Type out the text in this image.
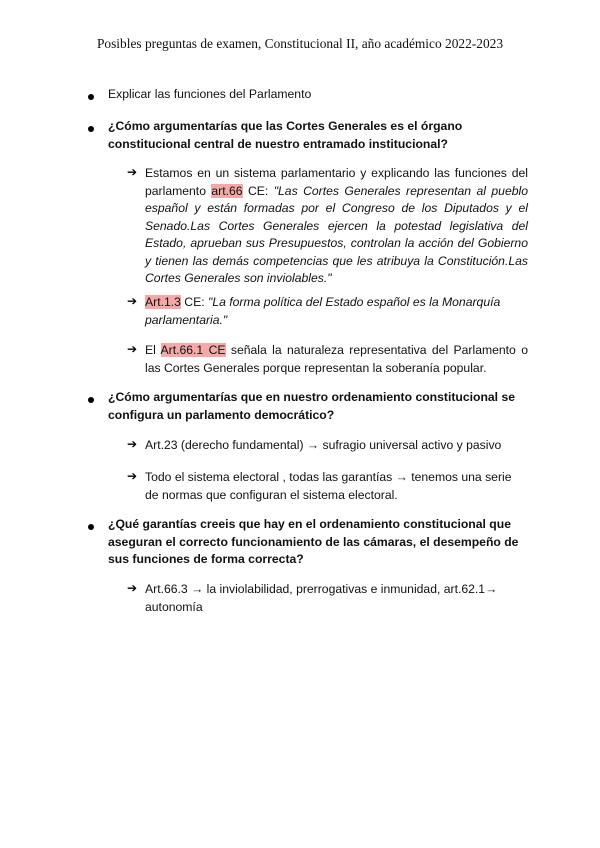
Posibles preguntas de examen, Constitucional II, año académico 2022-2023
Explicar las funciones del Parlamento
¿Cómo argumentarías que las Cortes Generales es el órgano constitucional central de nuestro entramado institucional?
➔ Estamos en un sistema parlamentario y explicando las funciones del parlamento art.66 CE: "Las Cortes Generales representan al pueblo español y están formadas por el Congreso de los Diputados y el Senado.Las Cortes Generales ejercen la potestad legislativa del Estado, aprueban sus Presupuestos, controlan la acción del Gobierno y tienen las demás competencias que les atribuya la Constitución.Las Cortes Generales son inviolables."
➔ Art.1.3 CE: "La forma política del Estado español es la Monarquía parlamentaria."
➔ El Art.66.1 CE señala la naturaleza representativa del Parlamento o las Cortes Generales porque representan la soberanía popular.
¿Cómo argumentarías que en nuestro ordenamiento constitucional se configura un parlamento democrático?
➔ Art.23 (derecho fundamental) → sufragio universal activo y pasivo
➔ Todo el sistema electoral , todas las garantías → tenemos una serie de normas que configuran el sistema electoral.
¿Qué garantías creeis que hay en el ordenamiento constitucional que aseguran el correcto funcionamiento de las cámaras, el desempeño de sus funciones de forma correcta?
➔ Art.66.3 → la inviolabilidad, prerrogativas e inmunidad, art.62.1→ autonomía
